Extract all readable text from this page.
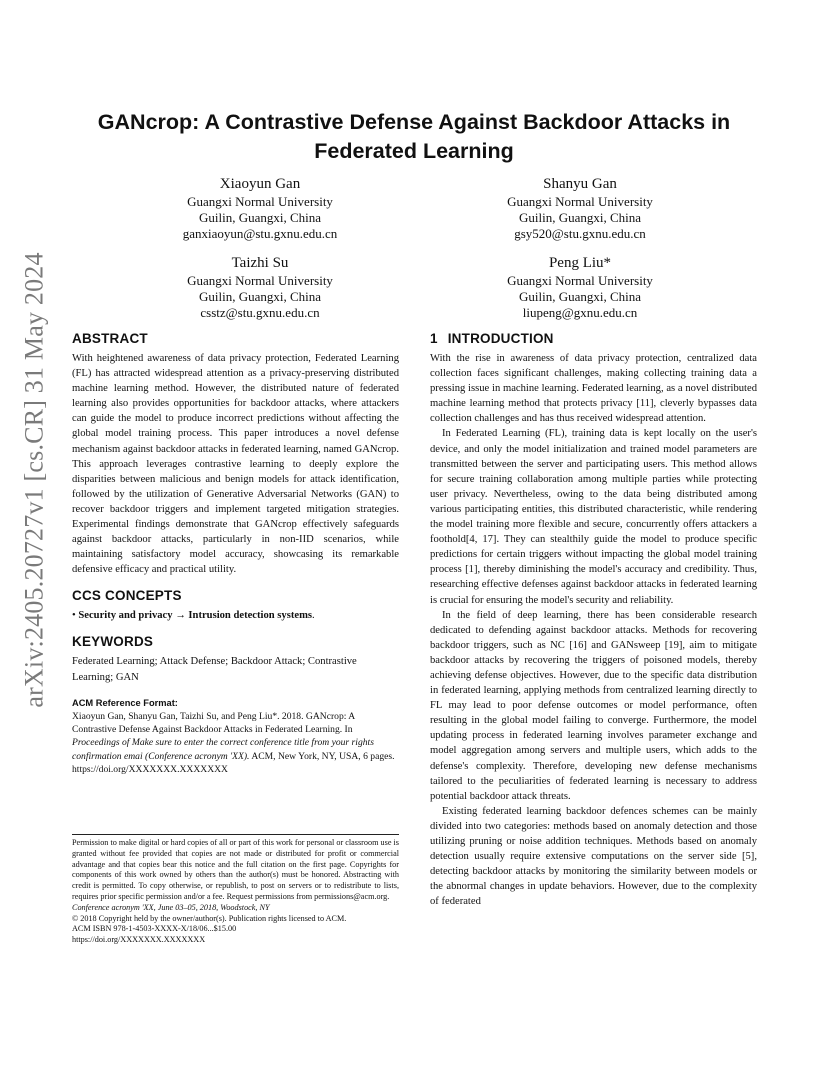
arXiv:2405.20727v1 [cs.CR] 31 May 2024
GANcrop: A Contrastive Defense Against Backdoor Attacks in Federated Learning
Xiaoyun Gan
Guangxi Normal University
Guilin, Guangxi, China
ganxiaoyun@stu.gxnu.edu.cn
Shanyu Gan
Guangxi Normal University
Guilin, Guangxi, China
gsy520@stu.gxnu.edu.cn
Taizhi Su
Guangxi Normal University
Guilin, Guangxi, China
csstz@stu.gxnu.edu.cn
Peng Liu*
Guangxi Normal University
Guilin, Guangxi, China
liupeng@gxnu.edu.cn
ABSTRACT

With heightened awareness of data privacy protection, Federated Learning (FL) has attracted widespread attention as a privacy-preserving distributed machine learning method. However, the distributed nature of federated learning also provides opportunities for backdoor attacks, where attackers can guide the model to produce incorrect predictions without affecting the global model training process. This paper introduces a novel defense mechanism against backdoor attacks in federated learning, named GANcrop. This approach leverages contrastive learning to deeply explore the disparities between malicious and benign models for attack identification, followed by the utilization of Generative Adversarial Networks (GAN) to recover backdoor triggers and implement targeted mitigation strategies. Experimental findings demonstrate that GANcrop effectively safeguards against backdoor attacks, particularly in non-IID scenarios, while maintaining satisfactory model accuracy, showcasing its remarkable defensive efficacy and practical utility.

CCS CONCEPTS

• Security and privacy → Intrusion detection systems.

KEYWORDS

Federated Learning; Attack Defense; Backdoor Attack; Contrastive Learning; GAN

ACM Reference Format:

Xiaoyun Gan, Shanyu Gan, Taizhi Su, and Peng Liu*. 2018. GANcrop: A Contrastive Defense Against Backdoor Attacks in Federated Learning. In Proceedings of Make sure to enter the correct conference title from your rights confirmation emai (Conference acronym 'XX). ACM, New York, NY, USA, 6 pages. https://doi.org/XXXXXXX.XXXXXXX

Permission to make digital or hard copies of all or part of this work for personal or classroom use is granted without fee provided that copies are not made or distributed for profit or commercial advantage and that copies bear this notice and the full citation on the first page. Copyrights for components of this work owned by others than the author(s) must be honored. Abstracting with credit is permitted. To copy otherwise, or republish, to post on servers or to redistribute to lists, requires prior specific permission and/or a fee. Request permissions from permissions@acm.org.

Conference acronym 'XX, June 03–05, 2018, Woodstock, NY

© 2018 Copyright held by the owner/author(s). Publication rights licensed to ACM.

ACM ISBN 978-1-4503-XXXX-X/18/06...$15.00

https://doi.org/XXXXXXX.XXXXXXX

1 INTRODUCTION

With the rise in awareness of data privacy protection, centralized data collection faces significant challenges, making collecting training data a pressing issue in machine learning. Federated learning, as a novel distributed machine learning method that protects privacy [11], cleverly bypasses data collection challenges and has thus received widespread attention.

In Federated Learning (FL), training data is kept locally on the user's device, and only the model initialization and trained model parameters are transmitted between the server and participating users. This method allows for secure training collaboration among multiple parties while protecting user privacy. Nevertheless, owing to the data being distributed among various participating entities, this distributed characteristic, while rendering the model training more flexible and secure, concurrently offers attackers a foothold[4, 17]. They can stealthily guide the model to produce specific predictions for certain triggers without impacting the global model training process [1], thereby diminishing the model's accuracy and credibility. Thus, researching effective defenses against backdoor attacks in federated learning is crucial for ensuring the model's security and reliability.

In the field of deep learning, there has been considerable research dedicated to defending against backdoor attacks. Methods for recovering backdoor triggers, such as NC [16] and GANsweep [19], aim to mitigate backdoor attacks by recovering the triggers of poisoned models, thereby achieving defense objectives. However, due to the specific data distribution in federated learning, applying methods from centralized learning directly to FL may lead to poor defense outcomes or model performance, often resulting in the global model failing to converge. Furthermore, the model updating process in federated learning involves parameter exchange and model aggregation among servers and multiple users, which adds to the defense's complexity. Therefore, developing new defense mechanisms tailored to the peculiarities of federated learning is necessary to address potential backdoor attack threats.

Existing federated learning backdoor defences schemes can be mainly divided into two categories: methods based on anomaly detection and those utilizing pruning or noise addition techniques. Methods based on anomaly detection usually require extensive computations on the server side [5], detecting backdoor attacks by monitoring the similarity between models or the abnormal changes in update behaviors. However, due to the complexity of federated
